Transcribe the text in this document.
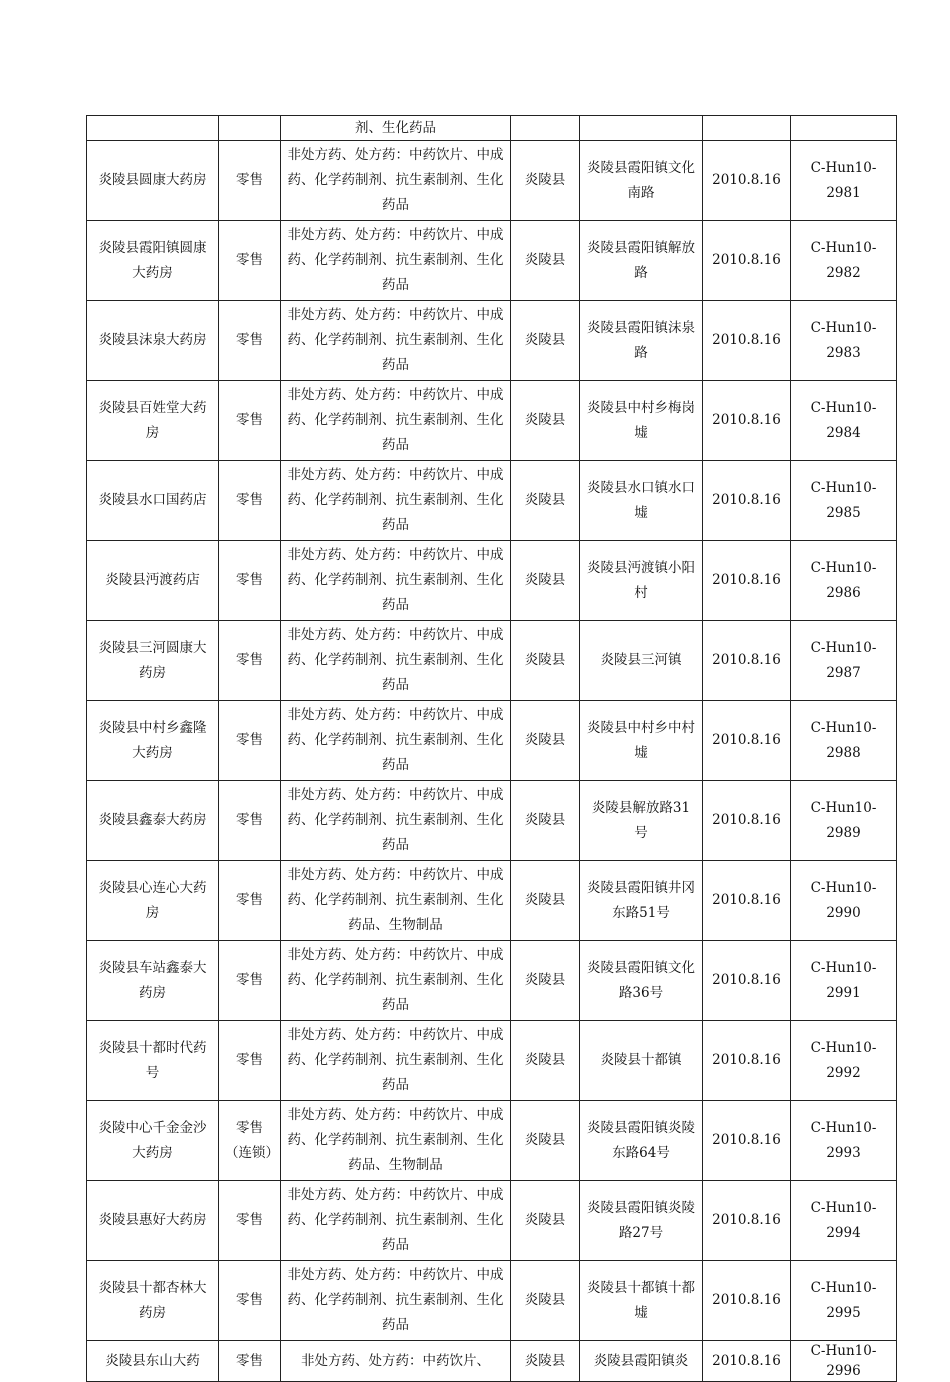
		剂、生化药品				
炎陵县圆康大药房	零售	非处方药、处方药：中药饮片、中成药、化学药制剂、抗生素制剂、生化药品	炎陵县	炎陵县霞阳镇文化南路	2010.8.16	C-Hun10-2981
炎陵县霞阳镇圆康大药房	零售	非处方药、处方药：中药饮片、中成药、化学药制剂、抗生素制剂、生化药品	炎陵县	炎陵县霞阳镇解放路	2010.8.16	C-Hun10-2982
炎陵县沫泉大药房	零售	非处方药、处方药：中药饮片、中成药、化学药制剂、抗生素制剂、生化药品	炎陵县	炎陵县霞阳镇沫泉路	2010.8.16	C-Hun10-2983
炎陵县百姓堂大药房	零售	非处方药、处方药：中药饮片、中成药、化学药制剂、抗生素制剂、生化药品	炎陵县	炎陵县中村乡梅岗墟	2010.8.16	C-Hun10-2984
炎陵县水口国药店	零售	非处方药、处方药：中药饮片、中成药、化学药制剂、抗生素制剂、生化药品	炎陵县	炎陵县水口镇水口墟	2010.8.16	C-Hun10-2985
炎陵县沔渡药店	零售	非处方药、处方药：中药饮片、中成药、化学药制剂、抗生素制剂、生化药品	炎陵县	炎陵县沔渡镇小阳村	2010.8.16	C-Hun10-2986
炎陵县三河圆康大药房	零售	非处方药、处方药：中药饮片、中成药、化学药制剂、抗生素制剂、生化药品	炎陵县	炎陵县三河镇	2010.8.16	C-Hun10-2987
炎陵县中村乡鑫隆大药房	零售	非处方药、处方药：中药饮片、中成药、化学药制剂、抗生素制剂、生化药品	炎陵县	炎陵县中村乡中村墟	2010.8.16	C-Hun10-2988
炎陵县鑫泰大药房	零售	非处方药、处方药：中药饮片、中成药、化学药制剂、抗生素制剂、生化药品	炎陵县	炎陵县解放路31号	2010.8.16	C-Hun10-2989
炎陵县心连心大药房	零售	非处方药、处方药：中药饮片、中成药、化学药制剂、抗生素制剂、生化药品、生物制品	炎陵县	炎陵县霞阳镇井冈东路51号	2010.8.16	C-Hun10-2990
炎陵县车站鑫泰大药房	零售	非处方药、处方药：中药饮片、中成药、化学药制剂、抗生素制剂、生化药品	炎陵县	炎陵县霞阳镇文化路36号	2010.8.16	C-Hun10-2991
炎陵县十都时代药号	零售	非处方药、处方药：中药饮片、中成药、化学药制剂、抗生素制剂、生化药品	炎陵县	炎陵县十都镇	2010.8.16	C-Hun10-2992
炎陵中心千金金沙大药房	零售（连锁）	非处方药、处方药：中药饮片、中成药、化学药制剂、抗生素制剂、生化药品、生物制品	炎陵县	炎陵县霞阳镇炎陵东路64号	2010.8.16	C-Hun10-2993
炎陵县惠好大药房	零售	非处方药、处方药：中药饮片、中成药、化学药制剂、抗生素制剂、生化药品	炎陵县	炎陵县霞阳镇炎陵路27号	2010.8.16	C-Hun10-2994
炎陵县十都杏林大药房	零售	非处方药、处方药：中药饮片、中成药、化学药制剂、抗生素制剂、生化药品	炎陵县	炎陵县十都镇十都墟	2010.8.16	C-Hun10-2995
炎陵县东山大药	零售	非处方药、处方药：中药饮片、	炎陵县	炎陵县霞阳镇炎	2010.8.16	C-Hun10-2996
